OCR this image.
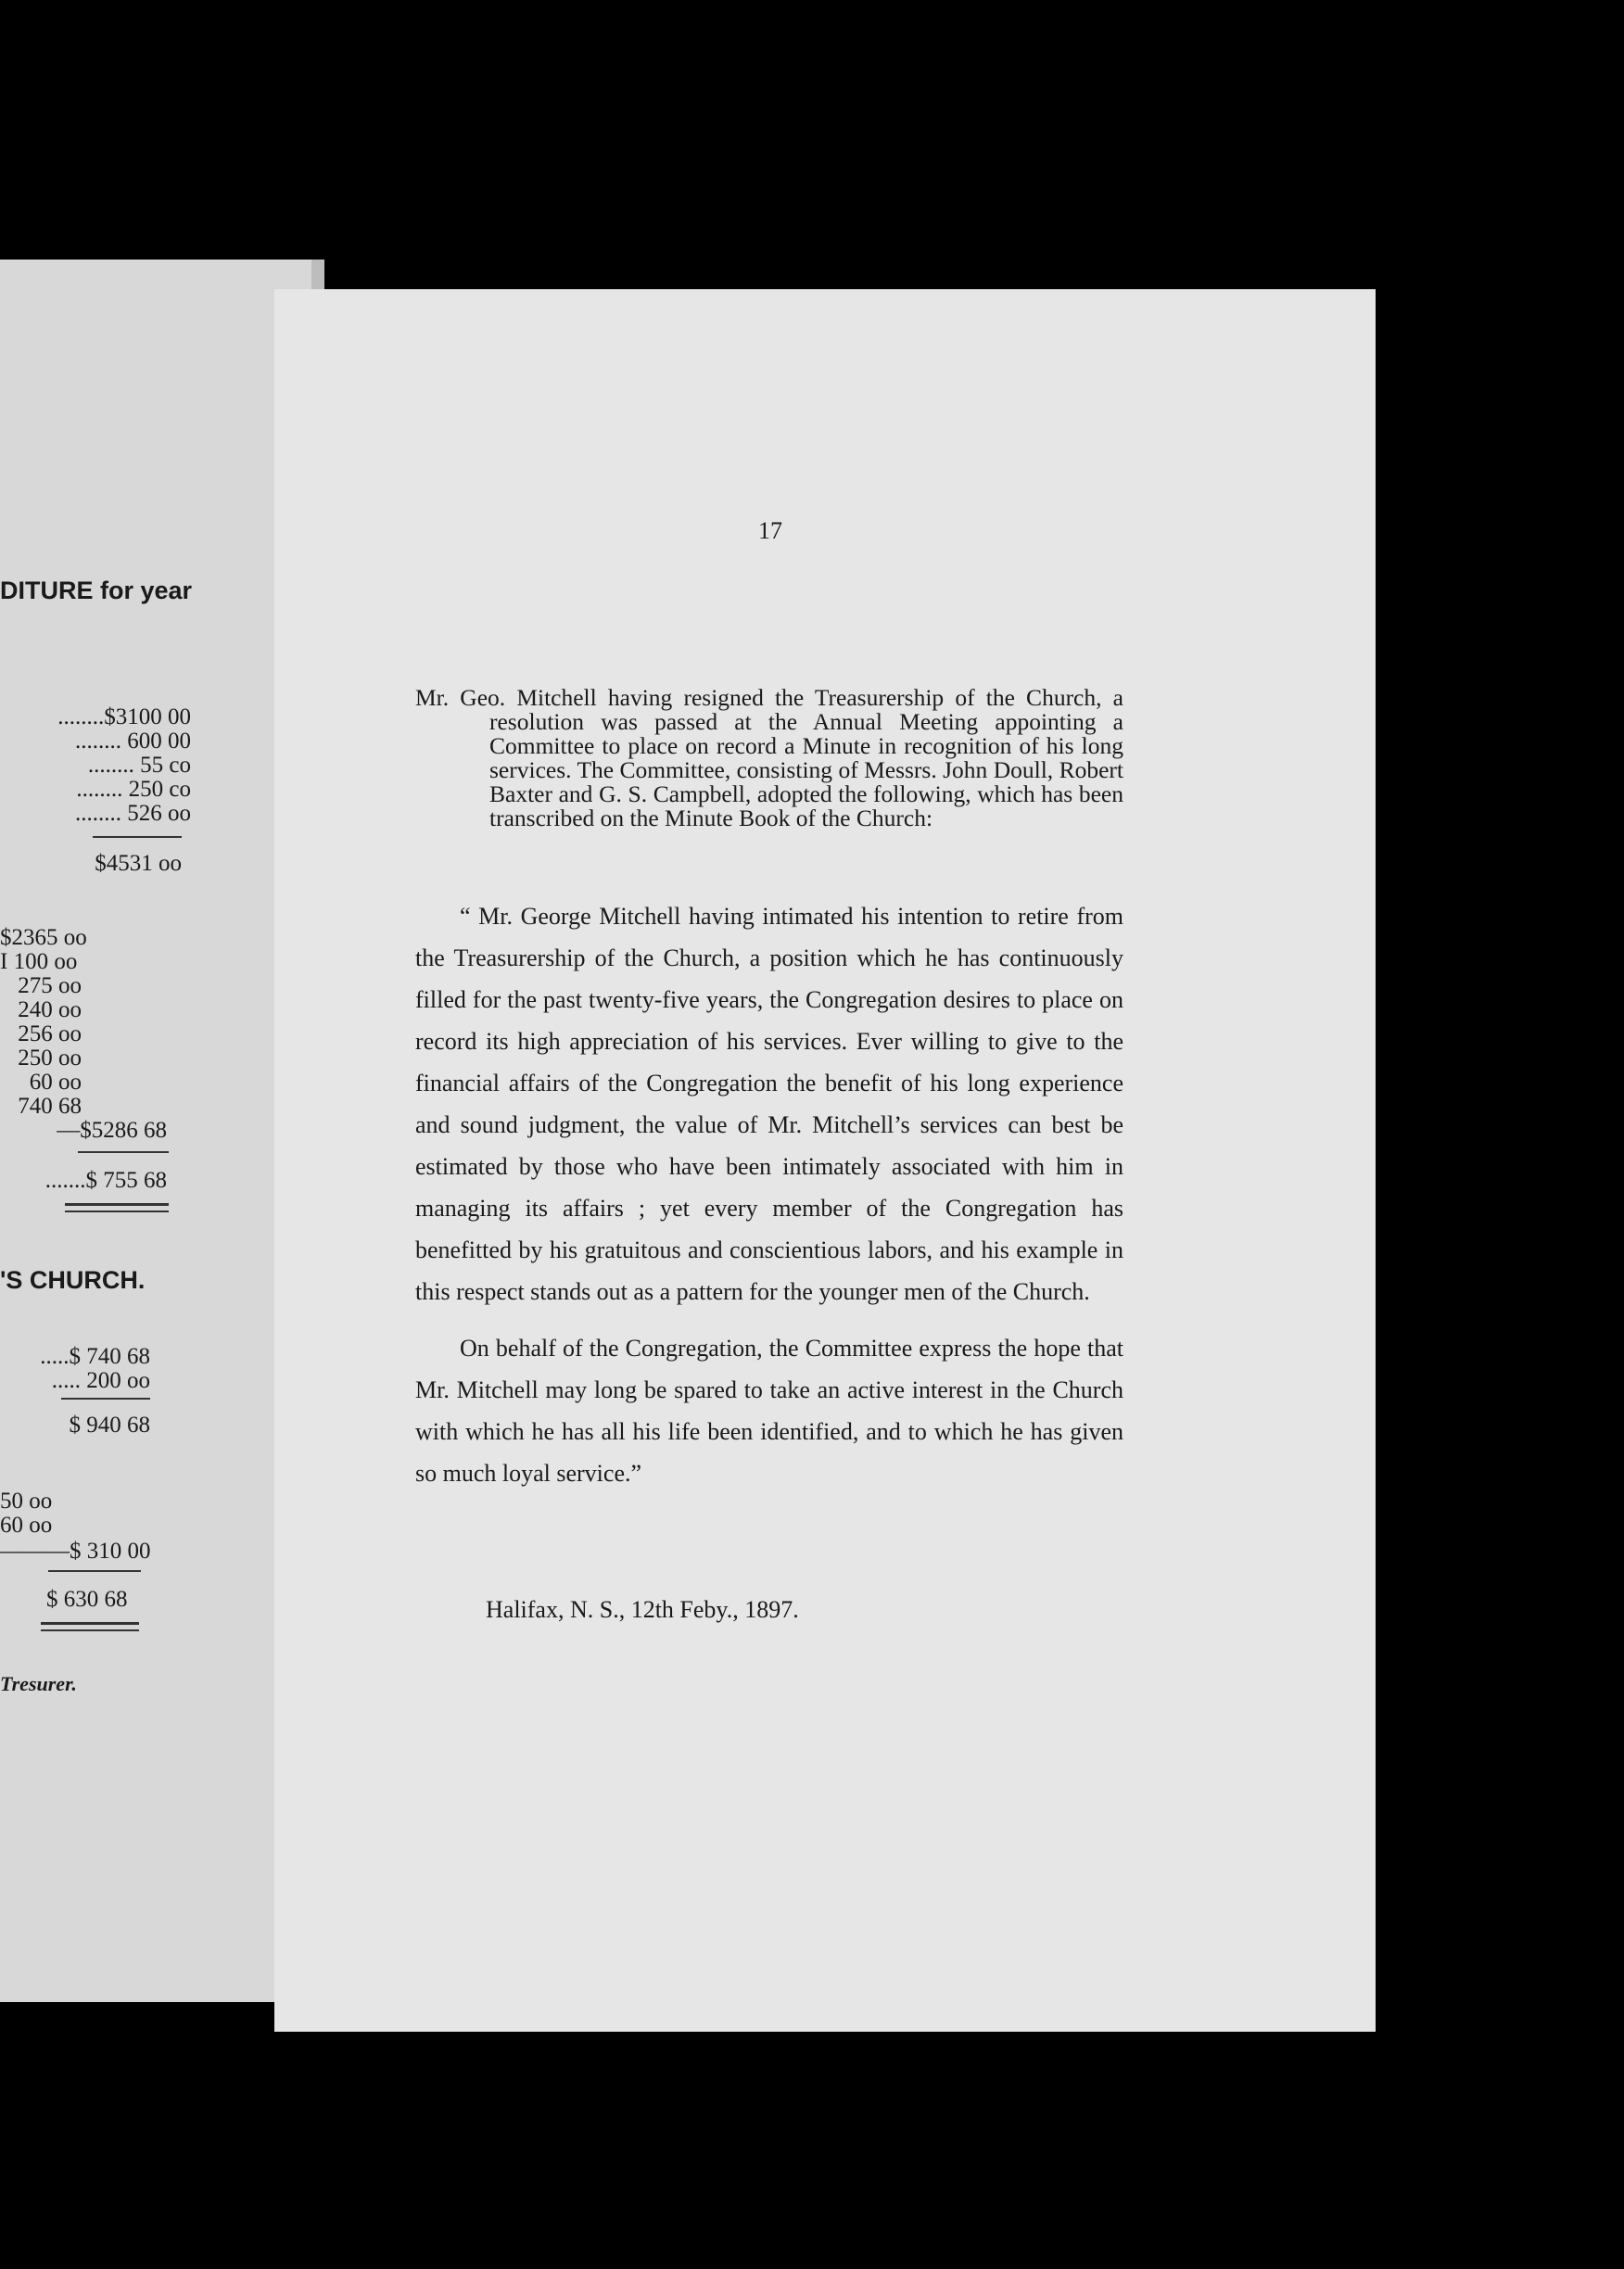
DITURE for year
........$3100 00
........ 600 00
........ 55 co
........ 250 co
........ 526 oo
$4531 oo
$2365 oo
I 100 oo
275 oo
240 oo
256 oo
250 oo
60 oo
740 68
—$5286 68
.......$ 755 68
'S CHURCH.
.....$ 740 68
..... 200 oo
$ 940 68
50 oo
60 oo
———$ 310 00
$ 630 68
Tresurer.
17

Mr. Geo. Mitchell having resigned the Treasurership of the Church, a resolution was passed at the Annual Meeting appointing a Committee to place on record a Minute in recognition of his long services. The Committee, consisting of Messrs. John Doull, Robert Baxter and G. S. Campbell, adopted the following, which has been transcribed on the Minute Book of the Church:

“ Mr. George Mitchell having intimated his intention to retire from the Treasurership of the Church, a position which he has continuously filled for the past twenty-five years, the Congregation desires to place on record its high appreciation of his services. Ever willing to give to the financial affairs of the Congregation the benefit of his long experience and sound judgment, the value of Mr. Mitchell’s services can best be estimated by those who have been intimately associated with him in managing its affairs ; yet every member of the Congregation has benefitted by his gratuitous and conscientious labors, and his example in this respect stands out as a pattern for the younger men of the Church.

On behalf of the Congregation, the Committee express the hope that Mr. Mitchell may long be spared to take an active interest in the Church with which he has all his life been identified, and to which he has given so much loyal service.”

Halifax, N. S., 12th Feby., 1897.
